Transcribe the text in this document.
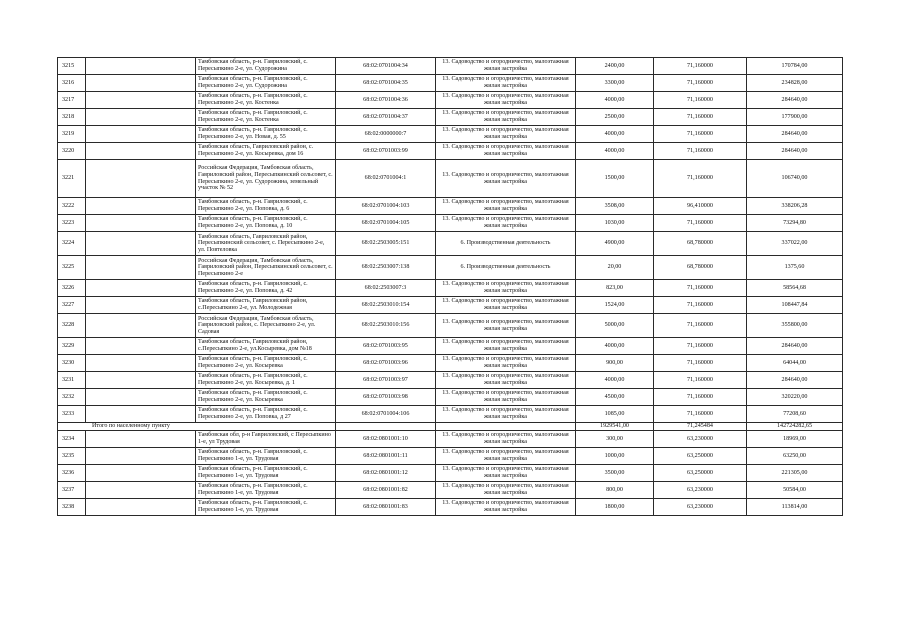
3215		Тамбовская область, р-н. Гавриловский, с. Пересыпкино 2-е, ул. Судорожина	68:02:0701004:34	13. Садоводство и огородничество, малоэтажная жилая застройка	2400,00	71,160000	170784,00
3216		Тамбовская область, р-н. Гавриловский, с. Пересыпкино 2-е, ул. Судорожина	68:02:0701004:35	13. Садоводство и огородничество, малоэтажная жилая застройка	3300,00	71,160000	234828,00
3217		Тамбовская область, р-н. Гавриловский, с. Пересыпкино 2-е, ул. Костенка	68:02:0701004:36	13. Садоводство и огородничество, малоэтажная жилая застройка	4000,00	71,160000	284640,00
3218		Тамбовская область, р-н. Гавриловский, с. Пересыпкино 2-е, ул. Костенка	68:02:0701004:37	13. Садоводство и огородничество, малоэтажная жилая застройка	2500,00	71,160000	177900,00
3219		Тамбовская область, р-н. Гавриловский, с. Пересыпкино 2-е, ул. Новая, д. 55	68:02:0000000:7	13. Садоводство и огородничество, малоэтажная жилая застройка	4000,00	71,160000	284640,00
3220		Тамбовская область, Гавриловский район, с. Пересыпкино 2-е, ул. Косыревка, дом 16	68:02:0701003:99	13. Садоводство и огородничество, малоэтажная жилая застройка	4000,00	71,160000	284640,00
3221		Российская Федерация, Тамбовская область, Гавриловский район, Пересыпкинский сельсовет, с. Пересыпкино 2-е, ул. Судорожина, земельный участок № 52	68:02:0701004:1	13. Садоводство и огородничество, малоэтажная жилая застройка	1500,00	71,160000	106740,00
3222		Тамбовская область, р-н. Гавриловский, с. Пересыпкино 2-е, ул. Поповка, д. 6	68:02:0701004:103	13. Садоводство и огородничество, малоэтажная жилая застройка	3508,00	96,410000	338206,28
3223		Тамбовская область, р-н. Гавриловский, с. Пересыпкино 2-е, ул. Поповка, д. 10	68:02:0701004:105	13. Садоводство и огородничество, малоэтажная жилая застройка	1030,00	71,160000	73294,80
3224		Тамбовская область, Гавриловский район, Пересыпкинский сельсовет, с. Пересыпкино 2-е, ул. Повтеловка	68:02:2503005:151	6. Производственная деятельность	4900,00	68,780000	337022,00
3225		Российская Федерация, Тамбовская область, Гавриловский район, Пересыпкинский сельсовет, с. Пересыпкино 2-е	68:02:2503007:138	6. Производственная деятельность	20,00	68,780000	1375,60
3226		Тамбовская область, р-н. Гавриловский, с. Пересыпкино 2-е, ул. Поповка, д. 42	68:02:2503007:3	13. Садоводство и огородничество, малоэтажная жилая застройка	823,00	71,160000	58564,68
3227		Тамбовская область, Гавриловский район, с.Пересыпкино 2-е, ул. Молодежная	68:02:2503010:154	13. Садоводство и огородничество, малоэтажная жилая застройка	1524,00	71,160000	108447,84
3228		Российская Федерация, Тамбовская область, Гавриловский район, с. Пересыпкино 2-е, ул. Садовая	68:02:2503010:156	13. Садоводство и огородничество, малоэтажная жилая застройка	5000,00	71,160000	355800,00
3229		Тамбовская область, Гавриловский район, с.Пересыпкино 2-е, ул.Косыревка, дом №18	68:02:0701003:95	13. Садоводство и огородничество, малоэтажная жилая застройка	4000,00	71,160000	284640,00
3230		Тамбовская область, р-н. Гавриловский, с. Пересыпкино 2-е, ул. Косыревка	68:02:0701003:96	13. Садоводство и огородничество, малоэтажная жилая застройка	900,00	71,160000	64044,00
3231		Тамбовская область, р-н. Гавриловский, с. Пересыпкино 2-е, ул. Косыревка, д. 1	68:02:0701003:97	13. Садоводство и огородничество, малоэтажная жилая застройка	4000,00	71,160000	284640,00
3232		Тамбовская область, р-н. Гавриловский, с. Пересыпкино 2-е, ул. Косыревка	68:02:0701003:98	13. Садоводство и огородничество, малоэтажная жилая застройка	4500,00	71,160000	320220,00
3233		Тамбовская область, р-н. Гавриловский, с. Пересыпкино 2-е, ул. Поповка, д 27	68:02:0701004:106	13. Садоводство и огородничество, малоэтажная жилая застройка	1085,00	71,160000	77208,60
Итого по населенному пункту					1929541,00	71,245484	142724282,65
3234		Тамбовская обл, р-н Гавриловский, с Пересыпкино 1-е, ул Трудовая	68:02:0801001:10	13. Садоводство и огородничество, малоэтажная жилая застройка	300,00	63,230000	18969,00
3235		Тамбовская область, р-н. Гавриловский, с. Пересыпкино 1-е, ул. Трудовая	68:02:0801001:11	13. Садоводство и огородничество, малоэтажная жилая застройка	1000,00	63,250000	63250,00
3236		Тамбовская область, р-н. Гавриловский, с. Пересыпкино 1-е, ул. Трудовая	68:02:0801001:12	13. Садоводство и огородничество, малоэтажная жилая застройка	3500,00	63,250000	221305,00
3237		Тамбовская область, р-н. Гавриловский, с. Пересыпкино 1-е, ул. Трудовая	68:02:0801001:82	13. Садоводство и огородничество, малоэтажная жилая застройка	800,00	63,230000	50584,00
3238		Тамбовская область, р-н. Гавриловский, с. Пересыпкино 1-е, ул. Трудовая	68:02:0801001:83	13. Садоводство и огородничество, малоэтажная жилая застройка	1800,00	63,230000	113814,00
